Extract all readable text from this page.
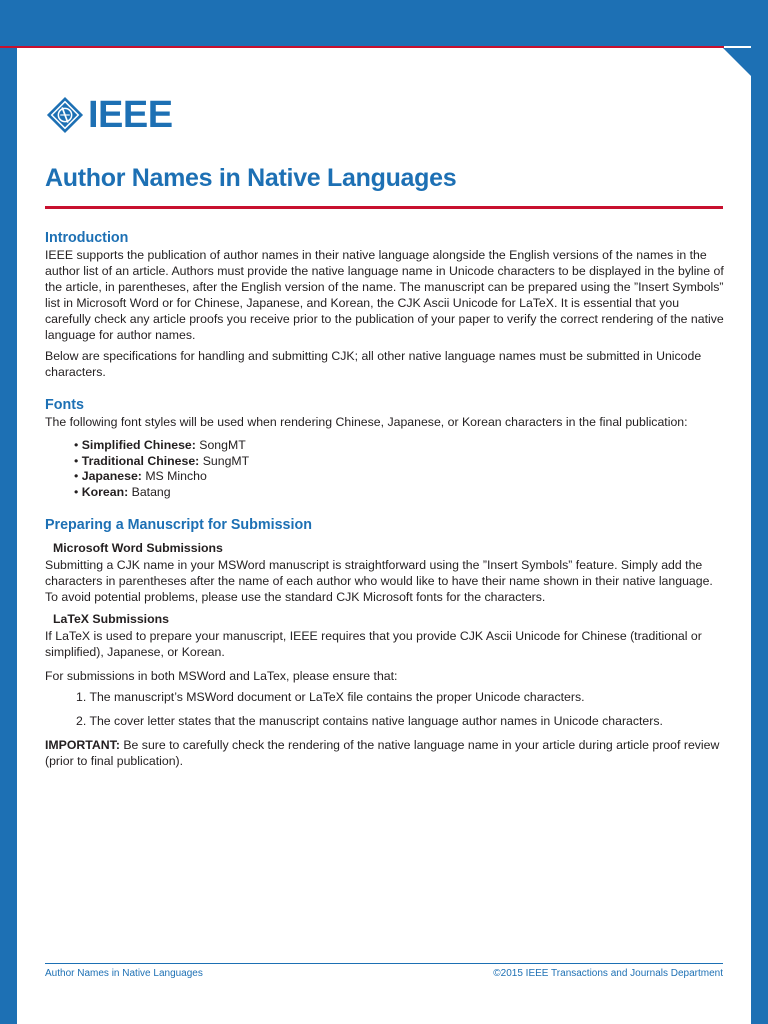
IEEE
Author Names in Native Languages
Introduction

IEEE supports the publication of author names in their native language alongside the English versions of the names in the author list of an article. Authors must provide the native language name in Unicode characters to be displayed in the byline of the article, in parentheses, after the English version of the name. The manuscript can be prepared using the ”Insert Symbols” list in Microsoft Word or for Chinese, Japanese, and Korean, the CJK Ascii Unicode for LaTeX. It is essential that you carefully check any article proofs you receive prior to the publication of your paper to verify the correct rendering of the native language for author names.

Below are specifications for handling and submitting CJK; all other native language names must be submitted in Unicode characters.

Fonts

The following font styles will be used when rendering Chinese, Japanese, or Korean characters in the final publication:

• Simplified Chinese: SongMT
• Traditional Chinese: SungMT
• Japanese: MS Mincho
• Korean: Batang
Preparing a Manuscript for Submission
Microsoft Word Submissions

Submitting a CJK name in your MSWord manuscript is straightforward using the ”Insert Symbols” feature. Simply add the characters in parentheses after the name of each author who would like to have their name shown in their native language. To avoid potential problems, please use the standard CJK Microsoft fonts for the characters.

LaTeX Submissions

If LaTeX is used to prepare your manuscript, IEEE requires that you provide CJK Ascii Unicode for Chinese (traditional or simplified), Japanese, or Korean.

For submissions in both MSWord and LaTex, please ensure that:

1. The manuscript’s MSWord document or LaTeX file contains the proper Unicode characters.
2. The cover letter states that the manuscript contains native language author names in Unicode characters.

IMPORTANT: Be sure to carefully check the rendering of the native language name in your article during article proof review (prior to final publication).

Author Names in Native Languages	©2015 IEEE Transactions and Journals Department
